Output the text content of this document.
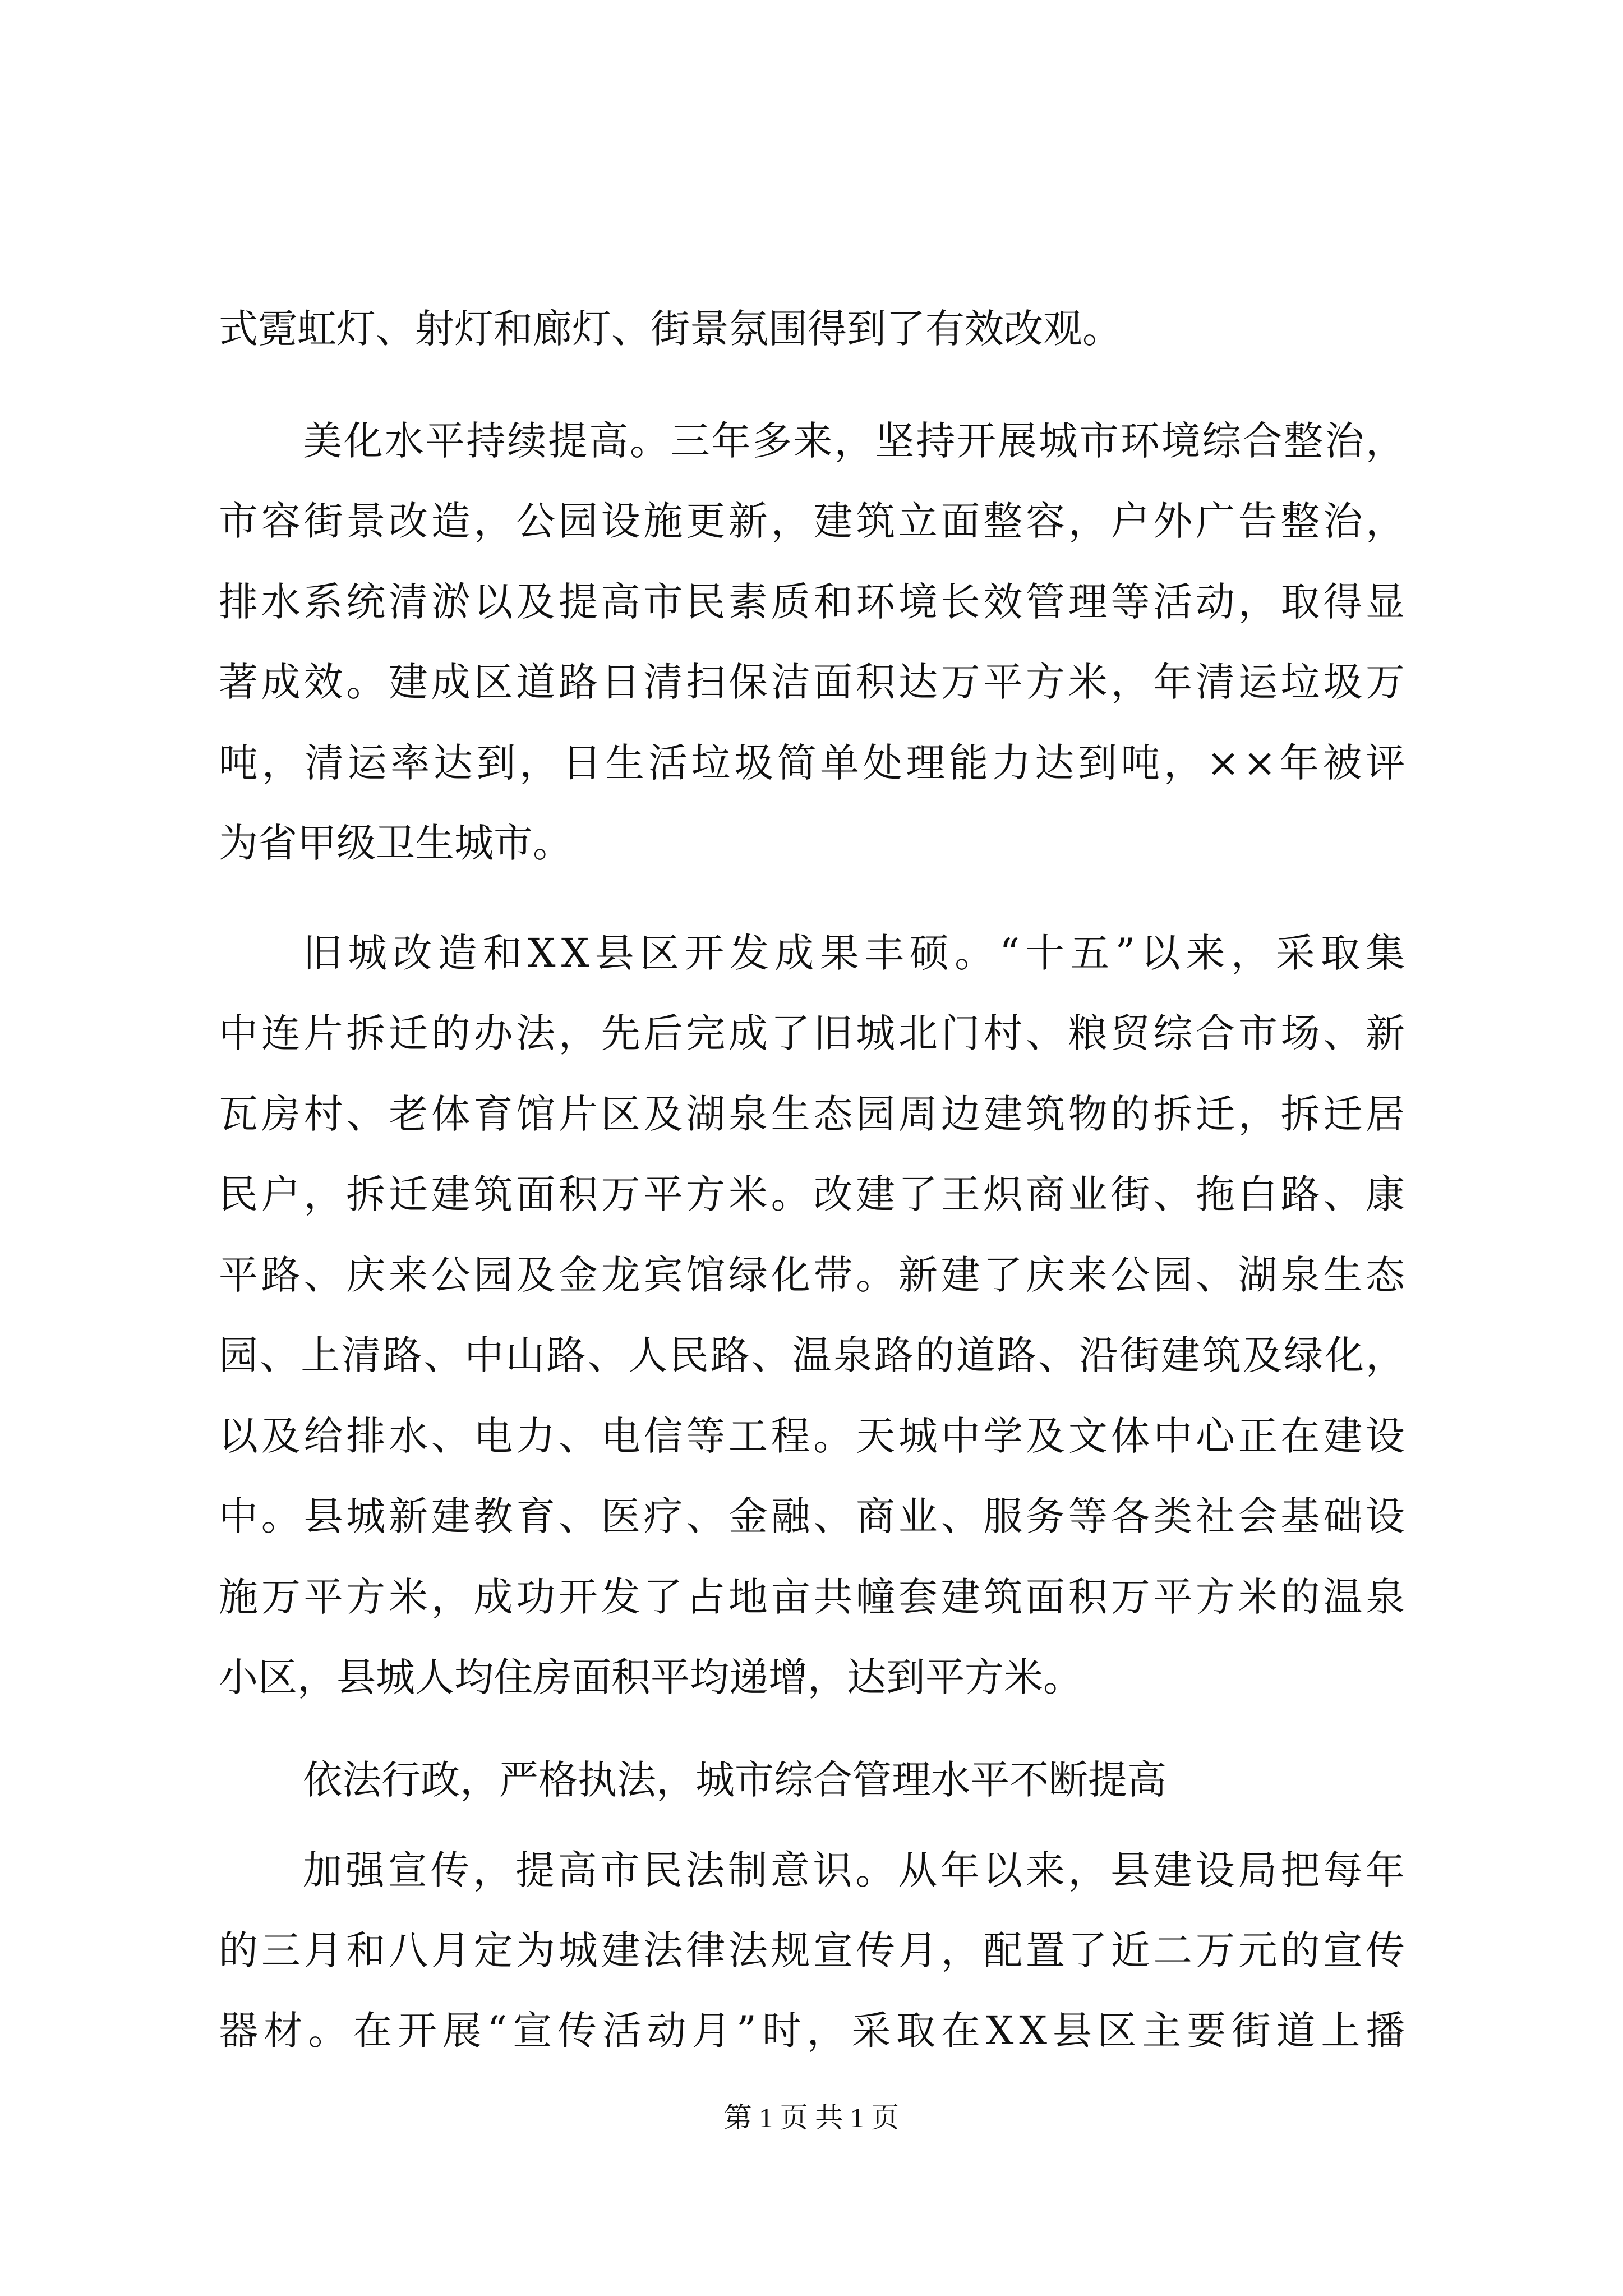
式霓虹灯、射灯和廊灯、街景氛围得到了有效改观。
美化水平持续提高。三年多来，坚持开展城市环境综合整治，
市容街景改造，公园设施更新，建筑立面整容，户外广告整治，
排水系统清淤以及提高市民素质和环境长效管理等活动，取得显
著成效。建成区道路日清扫保洁面积达万平方米，年清运垃圾万
吨，清运率达到，日生活垃圾简单处理能力达到吨，××年被评
为省甲级卫生城市。
旧城改造和XX县区开发成果丰硕。“十五”以来，采取集
中连片拆迁的办法，先后完成了旧城北门村、粮贸综合市场、新
瓦房村、老体育馆片区及湖泉生态园周边建筑物的拆迁，拆迁居
民户，拆迁建筑面积万平方米。改建了王炽商业街、拖白路、康
平路、庆来公园及金龙宾馆绿化带。新建了庆来公园、湖泉生态
园、上清路、中山路、人民路、温泉路的道路、沿街建筑及绿化，
以及给排水、电力、电信等工程。天城中学及文体中心正在建设
中。县城新建教育、医疗、金融、商业、服务等各类社会基础设
施万平方米，成功开发了占地亩共幢套建筑面积万平方米的温泉
小区，县城人均住房面积平均递增，达到平方米。
依法行政，严格执法，城市综合管理水平不断提高
加强宣传，提高市民法制意识。从年以来，县建设局把每年
的三月和八月定为城建法律法规宣传月，配置了近二万元的宣传
器材。在开展“宣传活动月”时，采取在XX县区主要街道上播
第 1 页 共 1 页
